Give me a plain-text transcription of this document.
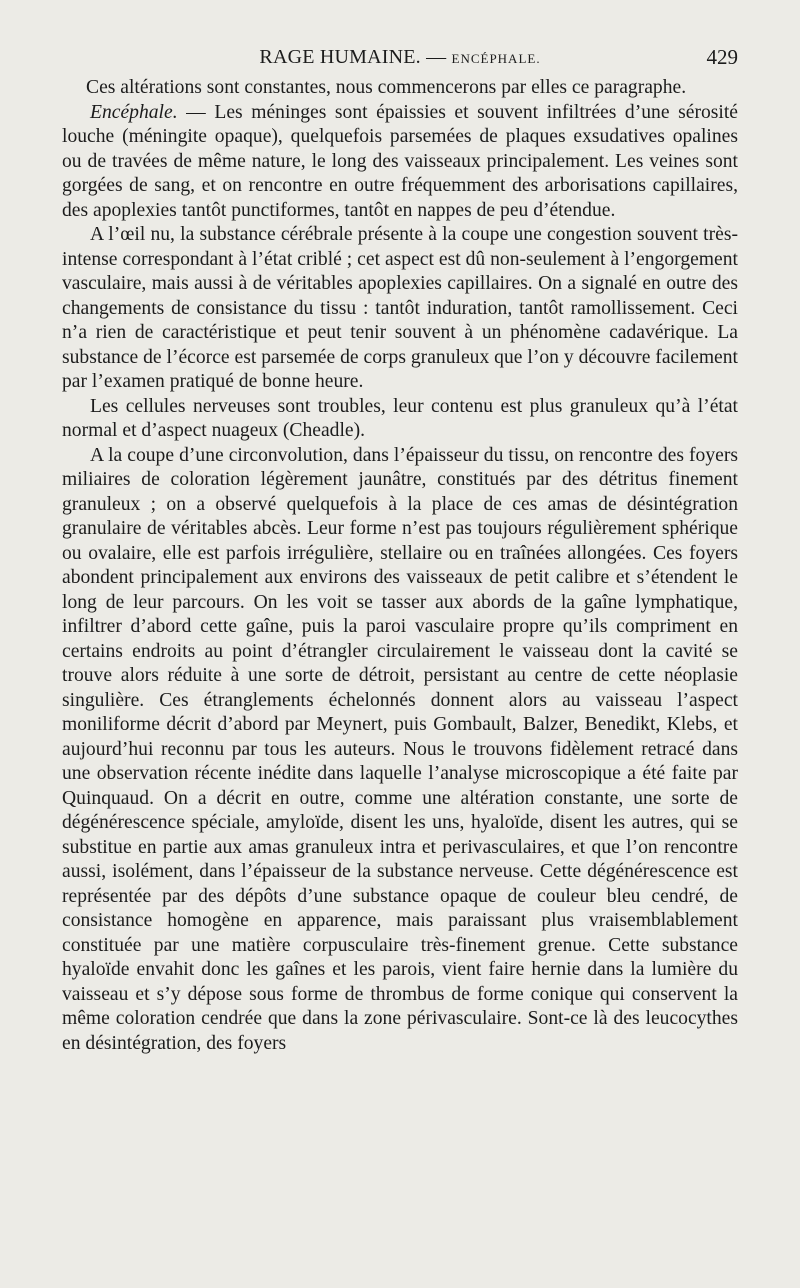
RAGE HUMAINE. — ENCÉPHALE.	429

Ces altérations sont constantes, nous commencerons par elles ce paragraphe.

Encéphale. — Les méninges sont épaissies et souvent infiltrées d’une sérosité louche (méningite opaque), quelquefois parsemées de plaques exsudatives opalines ou de travées de même nature, le long des vaisseaux principalement. Les veines sont gorgées de sang, et on rencontre en outre fréquemment des arborisations capillaires, des apoplexies tantôt punctiformes, tantôt en nappes de peu d’étendue.

A l’œil nu, la substance cérébrale présente à la coupe une congestion souvent très-intense correspondant à l’état criblé ; cet aspect est dû non-seulement à l’engorgement vasculaire, mais aussi à de véritables apoplexies capillaires. On a signalé en outre des changements de consistance du tissu : tantôt induration, tantôt ramollissement. Ceci n’a rien de caractéristique et peut tenir souvent à un phénomène cadavérique. La substance de l’écorce est parsemée de corps granuleux que l’on y découvre facilement par l’examen pratiqué de bonne heure.

Les cellules nerveuses sont troubles, leur contenu est plus granuleux qu’à l’état normal et d’aspect nuageux (Cheadle).

A la coupe d’une circonvolution, dans l’épaisseur du tissu, on rencontre des foyers miliaires de coloration légèrement jaunâtre, constitués par des détritus finement granuleux ; on a observé quelquefois à la place de ces amas de désintégration granulaire de véritables abcès. Leur forme n’est pas toujours régulièrement sphérique ou ovalaire, elle est parfois irrégulière, stellaire ou en traînées allongées. Ces foyers abondent principalement aux environs des vaisseaux de petit calibre et s’étendent le long de leur parcours. On les voit se tasser aux abords de la gaîne lymphatique, infiltrer d’abord cette gaîne, puis la paroi vasculaire propre qu’ils compriment en certains endroits au point d’étrangler circulairement le vaisseau dont la cavité se trouve alors réduite à une sorte de détroit, persistant au centre de cette néoplasie singulière. Ces étranglements échelonnés donnent alors au vaisseau l’aspect moniliforme décrit d’abord par Meynert, puis Gombault, Balzer, Benedikt, Klebs, et aujourd’hui reconnu par tous les auteurs. Nous le trouvons fidèlement retracé dans une observation récente inédite dans laquelle l’analyse microscopique a été faite par Quinquaud. On a décrit en outre, comme une altération constante, une sorte de dégénérescence spéciale, amyloïde, disent les uns, hyaloïde, disent les autres, qui se substitue en partie aux amas granuleux intra et perivasculaires, et que l’on rencontre aussi, isolément, dans l’épaisseur de la substance nerveuse. Cette dégénérescence est représentée par des dépôts d’une substance opaque de couleur bleu cendré, de consistance homogène en apparence, mais paraissant plus vraisemblablement constituée par une matière corpusculaire très-finement grenue. Cette substance hyaloïde envahit donc les gaînes et les parois, vient faire hernie dans la lumière du vaisseau et s’y dépose sous forme de thrombus de forme conique qui conservent la même coloration cendrée que dans la zone périvasculaire. Sont-ce là des leucocythes en désintégration, des foyers
